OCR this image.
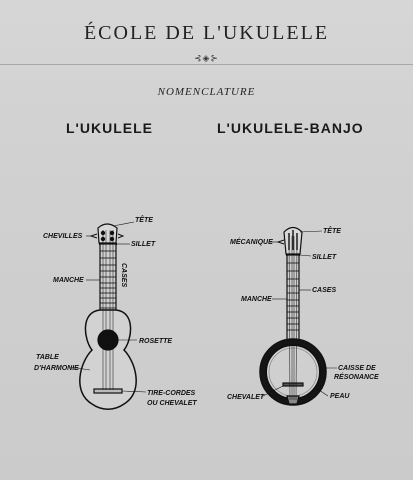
ÉCOLE DE L'UKULELE
⊰◈⊱
NOMENCLATURE
L'UKULELE	L'UKULELE-BANJO
TÊTE
CHEVILLES
SILLET
CASES
MANCHE
ROSETTE
TABLE
D'HARMONIE
TIRE-CORDES
OU CHEVALET
TÊTE
MÉCANIQUE
SILLET
CASES
MANCHE
CAISSE DE
RÉSONANCE
CHEVALET	PEAU
